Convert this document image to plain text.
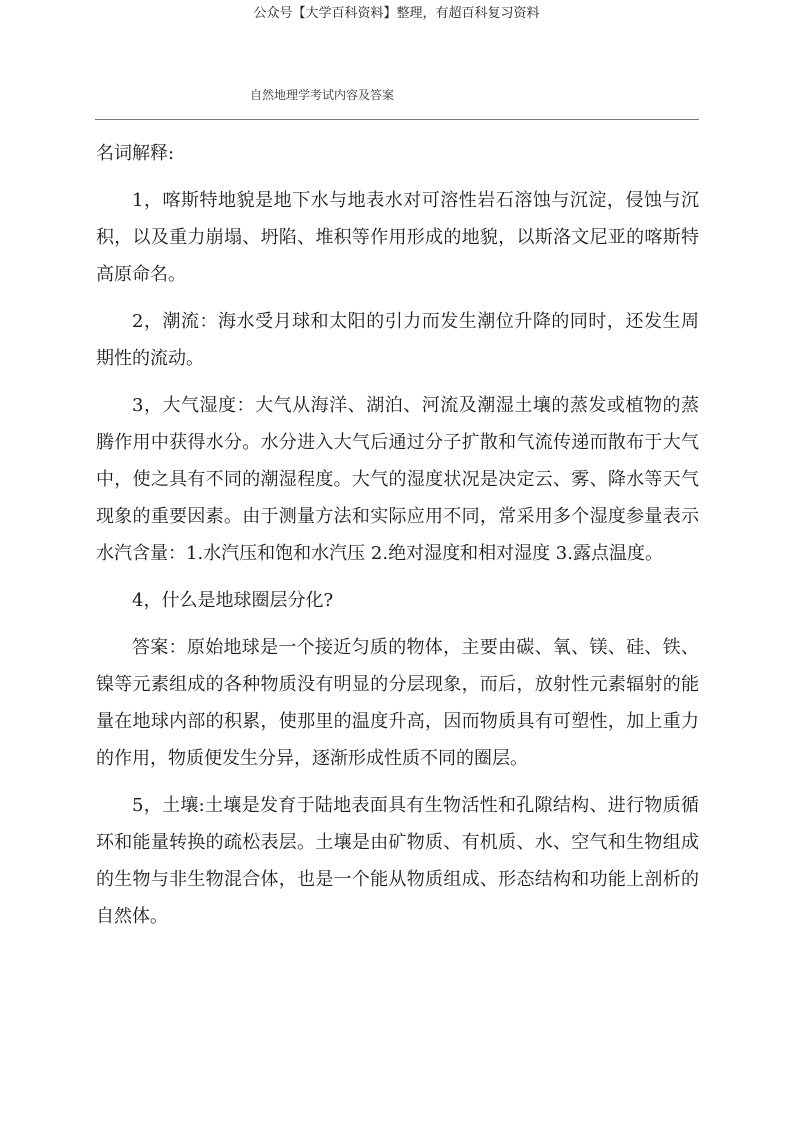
公众号【大学百科资料】整理，有超百科复习资料
自然地理学考试内容及答案
名词解释:

1，喀斯特地貌是地下水与地表水对可溶性岩石溶蚀与沉淀，侵蚀与沉积，以及重力崩塌、坍陷、堆积等作用形成的地貌，以斯洛文尼亚的喀斯特高原命名。

2，潮流：海水受月球和太阳的引力而发生潮位升降的同时，还发生周期性的流动。

3，大气湿度：大气从海洋、湖泊、河流及潮湿土壤的蒸发或植物的蒸腾作用中获得水分。水分进入大气后通过分子扩散和气流传递而散布于大气中，使之具有不同的潮湿程度。大气的湿度状况是决定云、雾、降水等天气现象的重要因素。由于测量方法和实际应用不同，常采用多个湿度参量表示水汽含量：1.水汽压和饱和水汽压 2.绝对湿度和相对湿度 3.露点温度。

4，什么是地球圈层分化?

答案：原始地球是一个接近匀质的物体，主要由碳、氧、镁、硅、铁、镍等元素组成的各种物质没有明显的分层现象，而后，放射性元素辐射的能量在地球内部的积累，使那里的温度升高，因而物质具有可塑性，加上重力的作用，物质便发生分异，逐渐形成性质不同的圈层。

5，土壤:土壤是发育于陆地表面具有生物活性和孔隙结构、进行物质循环和能量转换的疏松表层。土壤是由矿物质、有机质、水、空气和生物组成的生物与非生物混合体，也是一个能从物质组成、形态结构和功能上剖析的自然体。
